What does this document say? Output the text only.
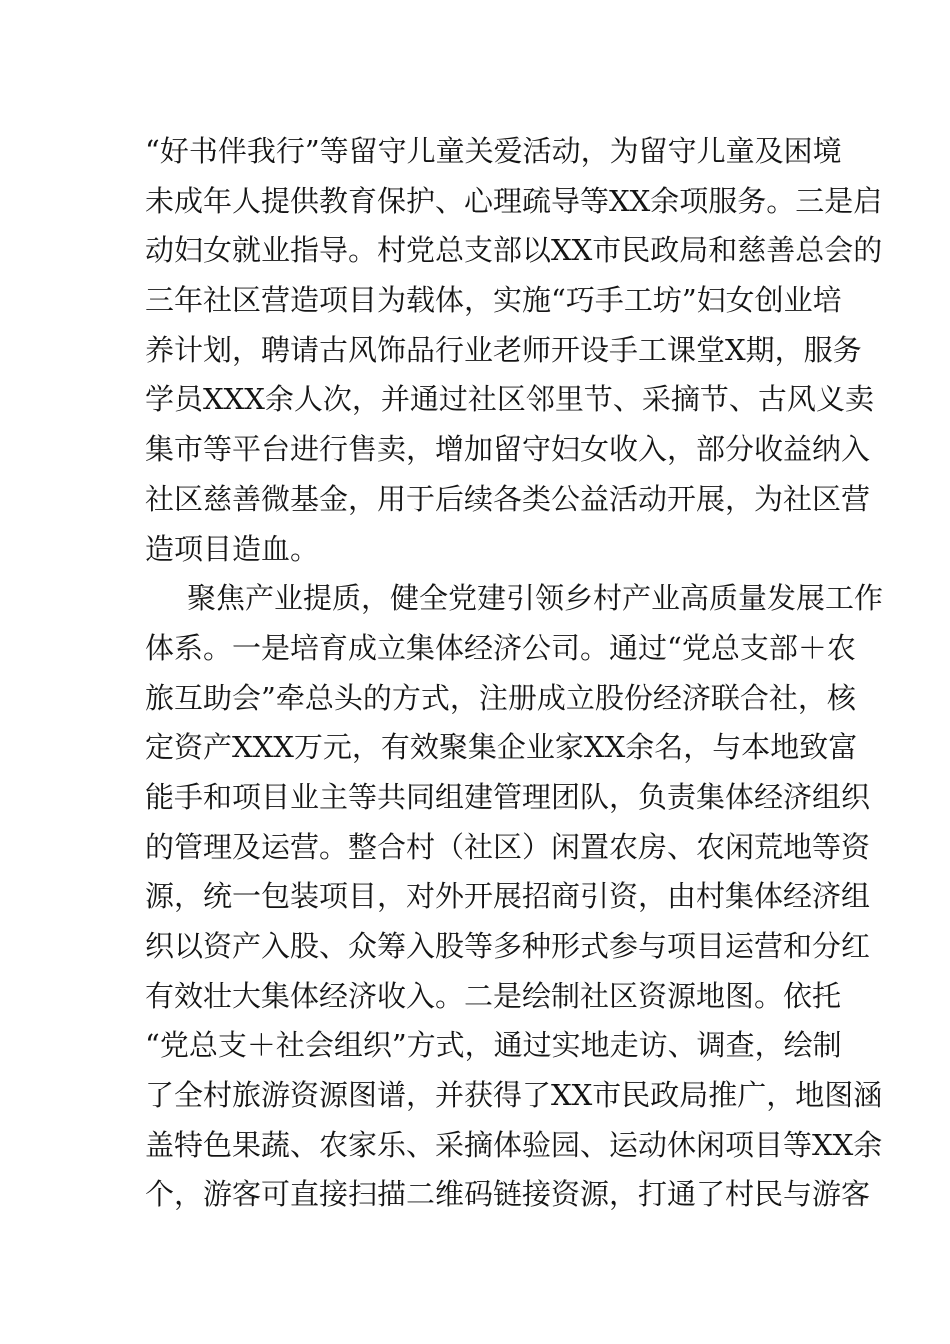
“好书伴我行”等留守儿童关爱活动，为留守儿童及困境
未成年人提供教育保护、心理疏导等XX余项服务。三是启
动妇女就业指导。村党总支部以XX市民政局和慈善总会的
三年社区营造项目为载体，实施“巧手工坊”妇女创业培
养计划，聘请古风饰品行业老师开设手工课堂X期，服务
学员XXX余人次，并通过社区邻里节、采摘节、古风义卖
集市等平台进行售卖，增加留守妇女收入，部分收益纳入
社区慈善微基金，用于后续各类公益活动开展，为社区营
造项目造血。
聚焦产业提质，健全党建引领乡村产业高质量发展工作
体系。一是培育成立集体经济公司。通过“党总支部＋农
旅互助会”牵总头的方式，注册成立股份经济联合社，核
定资产XXX万元，有效聚集企业家XX余名，与本地致富
能手和项目业主等共同组建管理团队，负责集体经济组织
的管理及运营。整合村（社区）闲置农房、农闲荒地等资
源，统一包装项目，对外开展招商引资，由村集体经济组
织以资产入股、众筹入股等多种形式参与项目运营和分红
有效壮大集体经济收入。二是绘制社区资源地图。依托
“党总支＋社会组织”方式，通过实地走访、调查，绘制
了全村旅游资源图谱，并获得了XX市民政局推广，地图涵
盖特色果蔬、农家乐、采摘体验园、运动休闲项目等XX余
个，游客可直接扫描二维码链接资源，打通了村民与游客
